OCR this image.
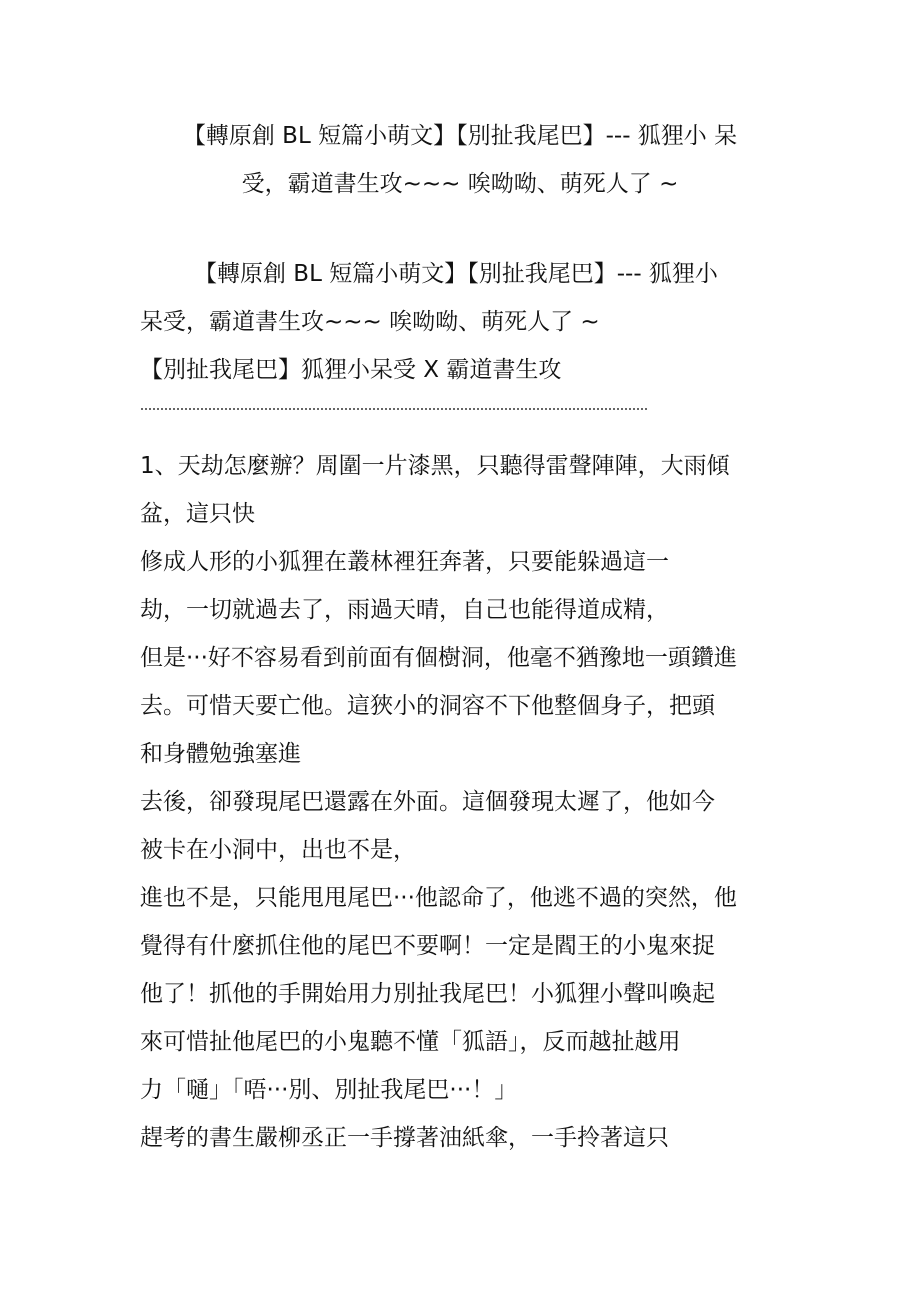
【轉原創 BL 短篇小萌文】【別扯我尾巴】--- 狐狸小 呆
受，霸道書生攻~~~ 唉呦呦、萌死人了 ~
【轉原創 BL 短篇小萌文】【別扯我尾巴】--- 狐狸小
呆受，霸道書生攻~~~ 唉呦呦、萌死人了 ~
【別扯我尾巴】狐狸小呆受 X 霸道書生攻
1、天劫怎麼辦？周圍一片漆黑，只聽得雷聲陣陣，大雨傾
盆，這只快
修成人形的小狐狸在叢林裡狂奔著，只要能躲過這一
劫，一切就過去了，雨過天晴，自己也能得道成精，
但是···好不容易看到前面有個樹洞，他毫不猶豫地一頭鑽進
去。可惜天要亡他。這狹小的洞容不下他整個身子，把頭
和身體勉強塞進
去後，卻發現尾巴還露在外面。這個發現太遲了，他如今
被卡在小洞中，出也不是，
進也不是，只能甩甩尾巴···他認命了，他逃不過的突然，他
覺得有什麼抓住他的尾巴不要啊！一定是閻王的小鬼來捉
他了！抓他的手開始用力別扯我尾巴！小狐狸小聲叫喚起
來可惜扯他尾巴的小鬼聽不懂「狐語」，反而越扯越用
力「嗵」「唔···別、別扯我尾巴···！」
趕考的書生嚴柳丞正一手撐著油紙傘，一手拎著這只
